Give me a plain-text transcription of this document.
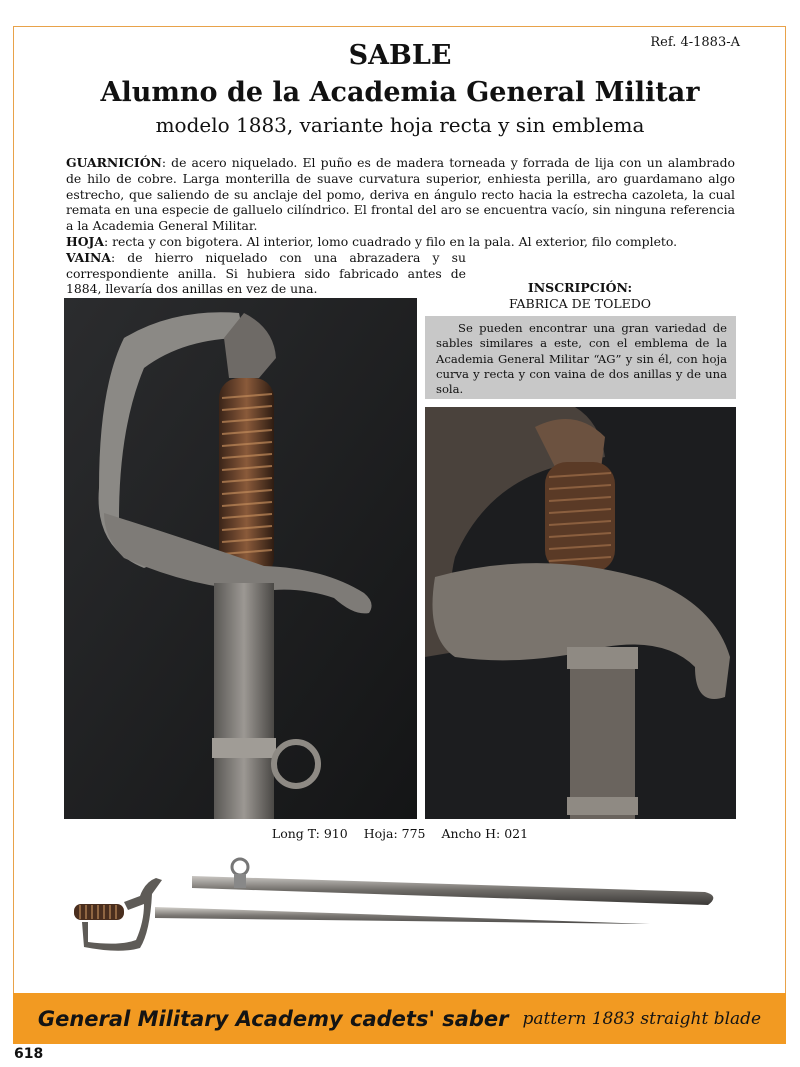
Ref. 4-1883-A
SABLE
Alumno de la Academia General Militar
modelo 1883, variante hoja recta y sin emblema

GUARNICIÓN: de acero niquelado. El puño es de madera torneada y forrada de lija con un alambrado de hilo de cobre. Larga monterilla de suave curvatura superior, enhiesta perilla, aro guardamano algo estrecho, que saliendo de su anclaje del pomo, deriva en ángulo recto hacia la estrecha cazoleta, la cual remata en una especie de galluelo cilíndrico. El frontal del aro se encuentra vacío, sin ninguna referencia a la Academia General Militar.

HOJA: recta y con bigotera. Al interior, lomo cuadrado y filo en la pala. Al exterior, filo completo.

VAINA: de hierro niquelado con una abrazadera y su correspondiente anilla. Si hubiera sido fabricado antes de 1884, llevaría dos anillas en vez de una.	INSCRIPCIÓN:
FABRICA DE TOLEDO
Se pueden encontrar una gran variedad de sables similares a este, con el emblema de la Academia General Militar “AG” y sin él, con hoja curva y recta y con vaina de dos anillas y de una sola.
Long T: 910 Hoja: 775 Ancho H: 021
General Military Academy cadets' saber pattern 1883 straight blade
618
